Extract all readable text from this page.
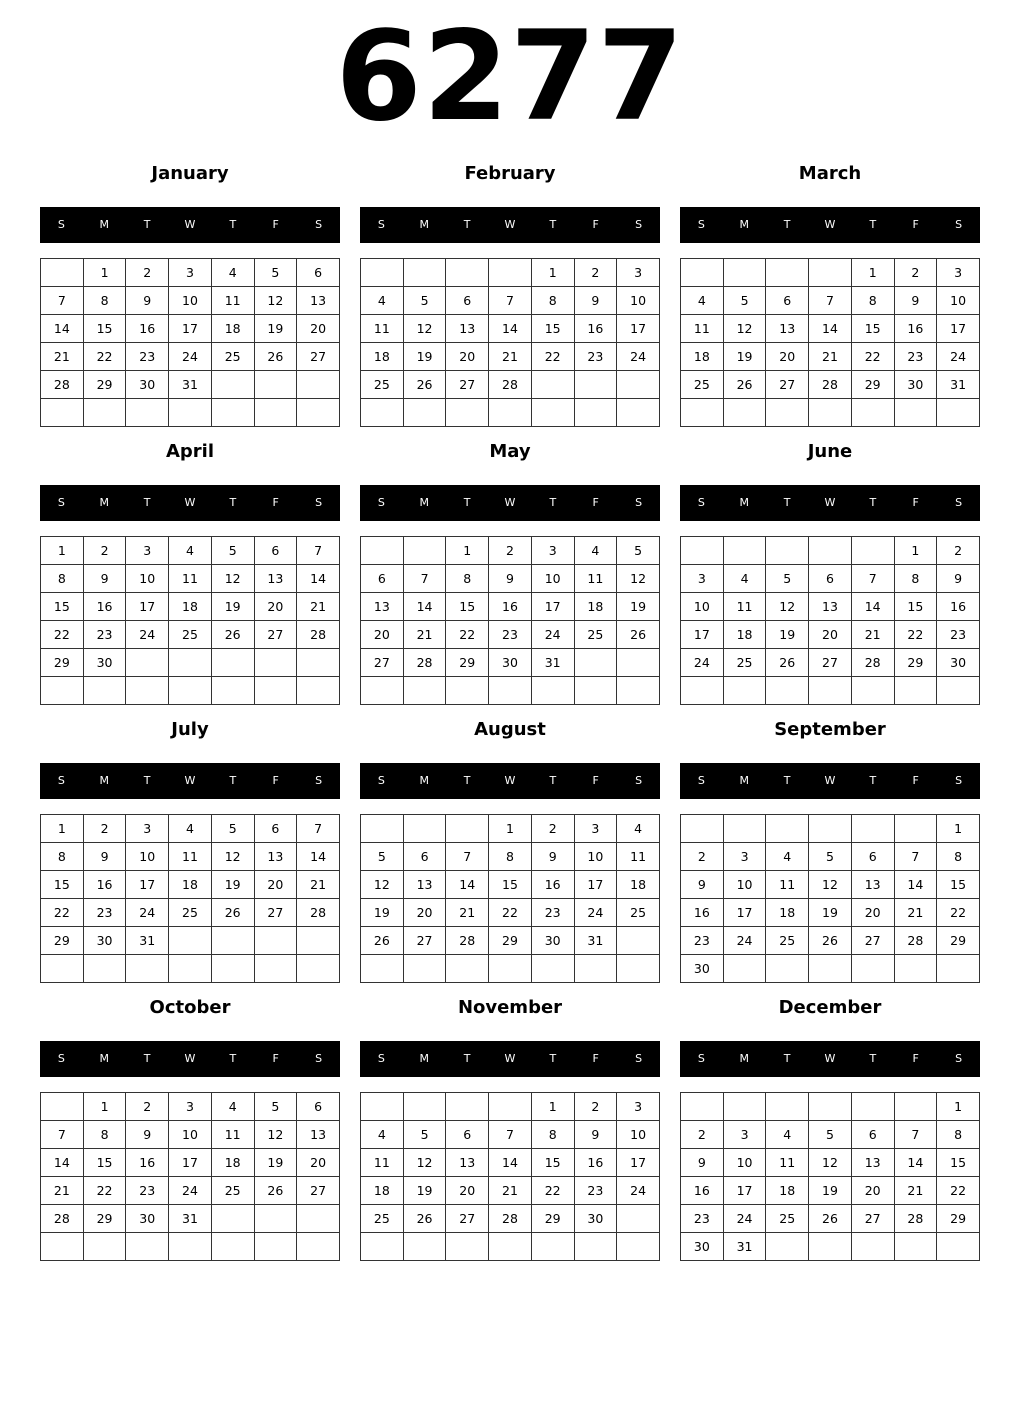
6277
January
S	M	T	W	T	F	S
	1	2	3	4	5	6
7	8	9	10	11	12	13
14	15	16	17	18	19	20
21	22	23	24	25	26	27
28	29	30	31			

February
S	M	T	W	T	F	S
				1	2	3
4	5	6	7	8	9	10
11	12	13	14	15	16	17
18	19	20	21	22	23	24
25	26	27	28			

March
S	M	T	W	T	F	S
				1	2	3
4	5	6	7	8	9	10
11	12	13	14	15	16	17
18	19	20	21	22	23	24
25	26	27	28	29	30	31

April
S	M	T	W	T	F	S
1	2	3	4	5	6	7
8	9	10	11	12	13	14
15	16	17	18	19	20	21
22	23	24	25	26	27	28
29	30					

May
S	M	T	W	T	F	S
		1	2	3	4	5
6	7	8	9	10	11	12
13	14	15	16	17	18	19
20	21	22	23	24	25	26
27	28	29	30	31		

June
S	M	T	W	T	F	S
					1	2
3	4	5	6	7	8	9
10	11	12	13	14	15	16
17	18	19	20	21	22	23
24	25	26	27	28	29	30

July
S	M	T	W	T	F	S
1	2	3	4	5	6	7
8	9	10	11	12	13	14
15	16	17	18	19	20	21
22	23	24	25	26	27	28
29	30	31				

August
S	M	T	W	T	F	S
			1	2	3	4
5	6	7	8	9	10	11
12	13	14	15	16	17	18
19	20	21	22	23	24	25
26	27	28	29	30	31	

September
S	M	T	W	T	F	S
						1
2	3	4	5	6	7	8
9	10	11	12	13	14	15
16	17	18	19	20	21	22
23	24	25	26	27	28	29
30						
October
S	M	T	W	T	F	S
	1	2	3	4	5	6
7	8	9	10	11	12	13
14	15	16	17	18	19	20
21	22	23	24	25	26	27
28	29	30	31			

November
S	M	T	W	T	F	S
				1	2	3
4	5	6	7	8	9	10
11	12	13	14	15	16	17
18	19	20	21	22	23	24
25	26	27	28	29	30	

December
S	M	T	W	T	F	S
						1
2	3	4	5	6	7	8
9	10	11	12	13	14	15
16	17	18	19	20	21	22
23	24	25	26	27	28	29
30	31					
